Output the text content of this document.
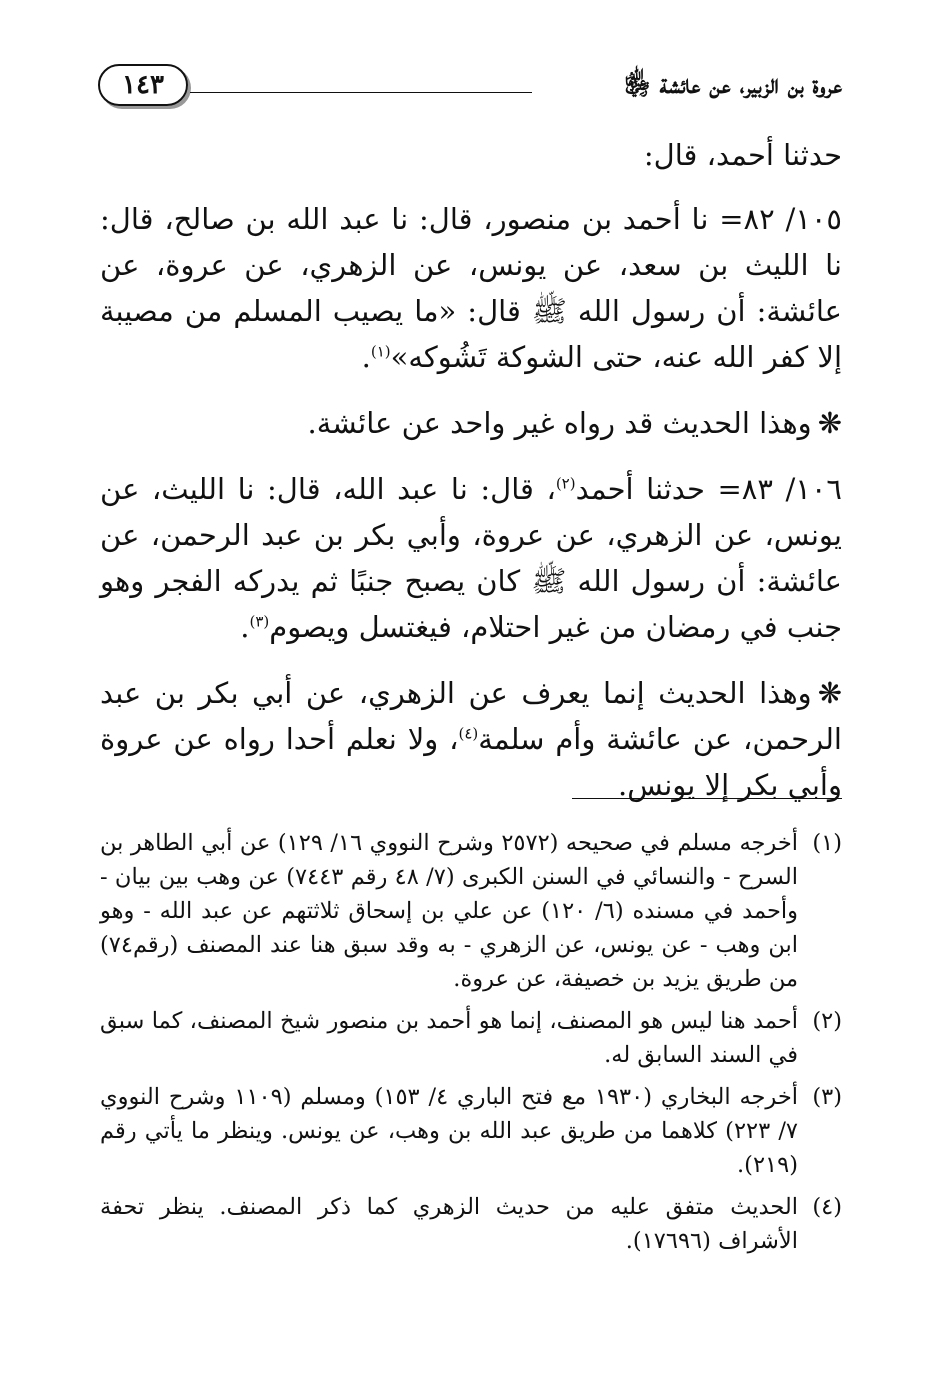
١٤٣	عروة بن الزبير، عن عائشة ﵂

حدثنا أحمد، قال:

١٠٥/ ٨٢= نا أحمد بن منصور، قال: نا عبد الله بن صالح، قال: نا الليث بن سعد، عن يونس، عن الزهري، عن عروة، عن عائشة: أن رسول الله ﷺ قال: «ما يصيب المسلم من مصيبة إلا كفر الله عنه، حتى الشوكة تَشُوكه»$^{(١)}$.

❋وهذا الحديث قد رواه غير واحد عن عائشة.

١٠٦/ ٨٣= حدثنا أحمد$^{(٢)}$، قال: نا عبد الله، قال: نا الليث، عن يونس، عن الزهري، عن عروة، وأبي بكر بن عبد الرحمن، عن عائشة: أن رسول الله ﷺ كان يصبح جنبًا ثم يدركه الفجر وهو جنب في رمضان من غير احتلام، فيغتسل ويصوم$^{(٣)}$.

❋وهذا الحديث إنما يعرف عن الزهري، عن أبي بكر بن عبد الرحمن، عن عائشة وأم سلمة$^{(٤)}$، ولا نعلم أحدا رواه عن عروة وأبي بكر إلا يونس.

(١)
أخرجه مسلم في صحيحه (٢٥٧٢ وشرح النووي ١٦/ ١٢٩) عن أبي الطاهر بن السرح - والنسائي في السنن الكبرى (٧/ ٤٨ رقم ٧٤٤٣) عن وهب بين بيان - وأحمد في مسنده (٦/ ١٢٠) عن علي بن إسحاق ثلاثتهم عن عبد الله - وهو ابن وهب - عن يونس، عن الزهري - به وقد سبق هنا عند المصنف (رقم٧٤) من طريق يزيد بن خصيفة، عن عروة.
(٢)
أحمد هنا ليس هو المصنف، إنما هو أحمد بن منصور شيخ المصنف، كما سبق في السند السابق له.
(٣)
أخرجه البخاري (١٩٣٠ مع فتح الباري ٤/ ١٥٣) ومسلم (١١٠٩ وشرح النووي ٧/ ٢٢٣) كلاهما من طريق عبد الله بن وهب، عن يونس. وينظر ما يأتي رقم (٢١٩).
(٤)
الحديث متفق عليه من حديث الزهري كما ذكر المصنف. ينظر تحفة الأشراف (١٧٦٩٦).
